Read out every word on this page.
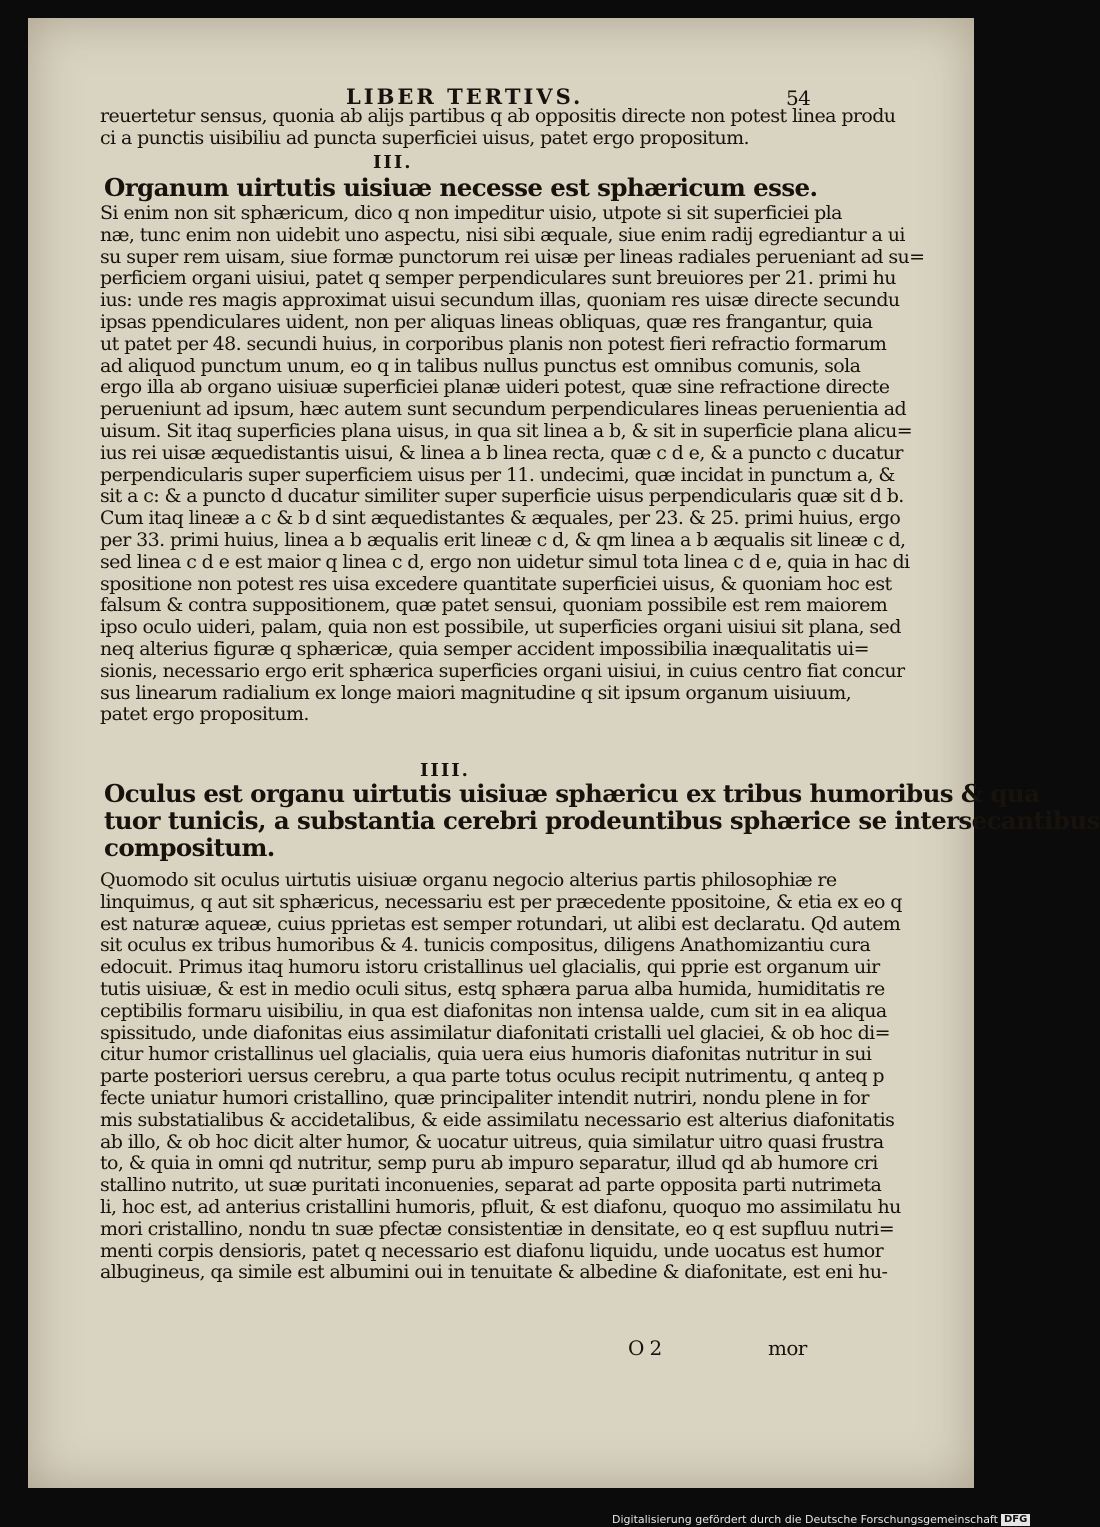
LIBER TERTIVS.	54

reuertetur sensus, quonia ab alijs partibus q ab oppositis directe non potest linea produ
ci a punctis uisibiliu ad puncta superficiei uisus, patet ergo propositum.

III.

Organum uirtutis uisiuæ necesse est sphæricum esse.

Si enim non sit sphæricum, dico q non impeditur uisio, utpote si sit superficiei pla
næ, tunc enim non uidebit uno aspectu, nisi sibi æquale, siue enim radij egrediantur a ui
su super rem uisam, siue formæ punctorum rei uisæ per lineas radiales perueniant ad su=
perficiem organi uisiui, patet q semper perpendiculares sunt breuiores per 21. primi hu
ius: unde res magis approximat uisui secundum illas, quoniam res uisæ directe secundu
ipsas ppendiculares uident, non per aliquas lineas obliquas, quæ res frangantur, quia
ut patet per 48. secundi huius, in corporibus planis non potest fieri refractio formarum
ad aliquod punctum unum, eo q in talibus nullus punctus est omnibus comunis, sola
ergo illa ab organo uisiuæ superficiei planæ uideri potest, quæ sine refractione directe
perueniunt ad ipsum, hæc autem sunt secundum perpendiculares lineas peruenientia ad
uisum. Sit itaq superficies plana uisus, in qua sit linea a b, & sit in superficie plana alicu=
ius rei uisæ æquedistantis uisui, & linea a b linea recta, quæ c d e, & a puncto c ducatur
perpendicularis super superficiem uisus per 11. undecimi, quæ incidat in punctum a, &
sit a c: & a puncto d ducatur similiter super superficie uisus perpendicularis quæ sit d b.
Cum itaq lineæ a c & b d sint æquedistantes & æquales, per 23. & 25. primi huius, ergo
per 33. primi huius, linea a b æqualis erit lineæ c d, & qm linea a b æqualis sit lineæ c d,
sed linea c d e est maior q linea c d, ergo non uidetur simul tota linea c d e, quia in hac di
spositione non potest res uisa excedere quantitate superficiei uisus, & quoniam hoc est
falsum & contra suppositionem, quæ patet sensui, quoniam possibile est rem maiorem
ipso oculo uideri, palam, quia non est possibile, ut superficies organi uisiui sit plana, sed
neq alterius figuræ q sphæricæ, quia semper accident impossibilia inæqualitatis ui=
sionis, necessario ergo erit sphærica superficies organi uisiui, in cuius centro fiat concur
sus linearum radialium ex longe maiori magnitudine q sit ipsum organum uisiuum,
patet ergo propositum.

IIII.

Oculus est organu uirtutis uisiuæ sphæricu ex tribus humoribus & qua
tuor tunicis, a substantia cerebri prodeuntibus sphærice se intersecantibus
compositum.
Quomodo sit oculus uirtutis uisiuæ organu negocio alterius partis philosophiæ re
linquimus, q aut sit sphæricus, necessariu est per præcedente ppositoine, & etia ex eo q
est naturæ aqueæ, cuius pprietas est semper rotundari, ut alibi est declaratu. Qd autem
sit oculus ex tribus humoribus & 4. tunicis compositus, diligens Anathomizantiu cura
edocuit. Primus itaq humoru istoru cristallinus uel glacialis, qui pprie est organum uir
tutis uisiuæ, & est in medio oculi situs, estq sphæra parua alba humida, humiditatis re
ceptibilis formaru uisibiliu, in qua est diafonitas non intensa ualde, cum sit in ea aliqua
spissitudo, unde diafonitas eius assimilatur diafonitati cristalli uel glaciei, & ob hoc di=
citur humor cristallinus uel glacialis, quia uera eius humoris diafonitas nutritur in sui
parte posteriori uersus cerebru, a qua parte totus oculus recipit nutrimentu, q anteq p
fecte uniatur humori cristallino, quæ principaliter intendit nutriri, nondu plene in for
mis substatialibus & accidetalibus, & eide assimilatu necessario est alterius diafonitatis
ab illo, & ob hoc dicit alter humor, & uocatur uitreus, quia similatur uitro quasi frustra
to, & quia in omni qd nutritur, semp puru ab impuro separatur, illud qd ab humore cri
stallino nutrito, ut suæ puritati inconuenies, separat ad parte opposita parti nutrimeta
li, hoc est, ad anterius cristallini humoris, pfluit, & est diafonu, quoquo mo assimilatu hu
mori cristallino, nondu tn suæ pfectæ consistentiæ in densitate, eo q est supfluu nutri=
menti corpis densioris, patet q necessario est diafonu liquidu, unde uocatus est humor
albugineus, qa simile est albumini oui in tenuitate & albedine & diafonitate, est eni hu-

O 2	mor

Digitalisierung gefördert durch die Deutsche Forschungsgemeinschaft DFG
